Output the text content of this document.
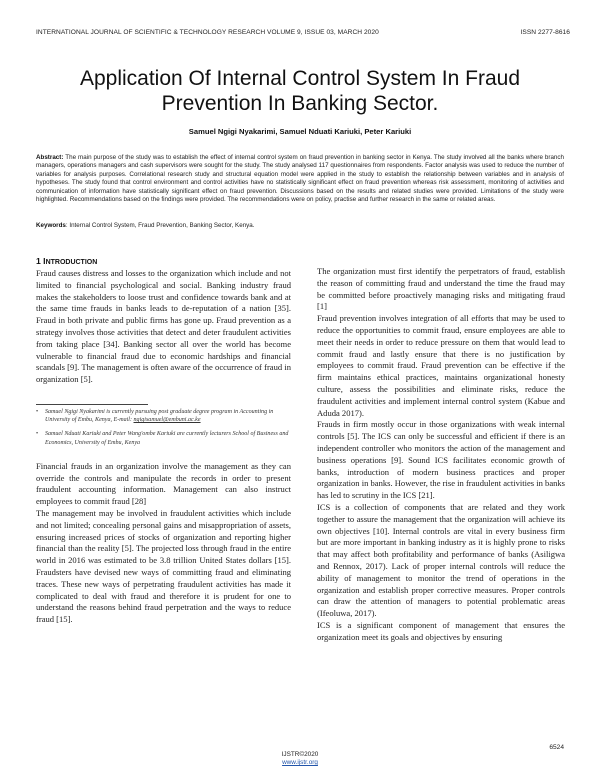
INTERNATIONAL JOURNAL OF SCIENTIFIC & TECHNOLOGY RESEARCH VOLUME 9, ISSUE 03, MARCH 2020	ISSN 2277-8616
Application Of Internal Control System In Fraud
Prevention In Banking Sector.
Samuel Ngigi Nyakarimi, Samuel Nduati Kariuki, Peter Kariuki
Abstract: The main purpose of the study was to establish the effect of internal control system on fraud prevention in banking sector in Kenya. The study involved all the banks where branch managers, operations managers and cash supervisors were sought for the study. The study analysed 117 questionnaires from respondents. Factor analysis was used to reduce the number of variables for analysis purposes. Correlational research study and structural equation model were applied in the study to establish the relationship between variables and in analysis of hypotheses. The study found that control environment and control activities have no statistically significant effect on fraud prevention whereas risk assessment, monitoring of activities and communication of information have statistically significant effect on fraud prevention. Discussions based on the results and related studies were provided. Limitations of the study were highlighted. Recommendations based on the findings were provided. The recommendations were on policy, practise and further research in the same or related areas.
Keywords: Internal Control System, Fraud Prevention, Banking Sector, Kenya.
1 INTRODUCTION

Fraud causes distress and losses to the organization which include and not limited to financial psychological and social. Banking industry fraud makes the stakeholders to loose trust and confidence towards bank and at the same time frauds in banks leads to de-reputation of a nation [35]. Fraud in both private and public firms has gone up. Fraud prevention as a strategy involves those activities that detect and deter fraudulent activities from taking place [34]. Banking sector all over the world has become vulnerable to financial fraud due to economic hardships and financial scandals [9]. The management is often aware of the occurrence of fraud in organization [5].

•	Samuel Ngigi Nyakarimi is currently pursuing post graduate degree program in Accounting in University of Embu, Kenya, E-mail: ngigisamuel@embuni.ac.ke
•	Samuel Nduati Kariuki and Peter Wang'ombe Kariuki are currently lecturers School of Business and Economics, University of Embu, Kenya

Financial frauds in an organization involve the management as they can override the controls and manipulate the records in order to present fraudulent accounting information. Management can also instruct employees to commit fraud [28]

The management may be involved in fraudulent activities which include and not limited; concealing personal gains and misappropriation of assets, ensuring increased prices of stocks of organization and reporting higher financial than the reality [5]. The projected loss through fraud in the entire world in 2016 was estimated to be 3.8 trillion United States dollars [15]. Fraudsters have devised new ways of committing fraud and eliminating traces. These new ways of perpetrating fraudulent activities has made it complicated to deal with fraud and therefore it is prudent for one to understand the reasons behind fraud perpetration and the ways to reduce fraud [15].

The organization must first identify the perpetrators of fraud, establish the reason of committing fraud and understand the time the fraud may be committed before proactively managing risks and mitigating fraud [1]

Fraud prevention involves integration of all efforts that may be used to reduce the opportunities to commit fraud, ensure employees are able to meet their needs in order to reduce pressure on them that would lead to commit fraud and lastly ensure that there is no justification by employees to commit fraud. Fraud prevention can be effective if the firm maintains ethical practices, maintains organizational honesty culture, assess the possibilities and eliminate risks, reduce the fraudulent activities and implement internal control system (Kabue and Aduda 2017).

Frauds in firm mostly occur in those organizations with weak internal controls [5]. The ICS can only be successful and efficient if there is an independent controller who monitors the action of the management and business operations [9]. Sound ICS facilitates economic growth of banks, introduction of modern business practices and proper organization in banks. However, the rise in fraudulent activities in banks has led to scrutiny in the ICS [21].

ICS is a collection of components that are related and they work together to assure the management that the organization will achieve its own objectives [10]. Internal controls are vital in every business firm but are more important in banking industry as it is highly prone to risks that may affect both profitability and performance of banks (Asiligwa and Rennox, 2017). Lack of proper internal controls will reduce the ability of management to monitor the trend of operations in the organization and establish proper corrective measures. Proper controls can draw the attention of managers to potential problematic areas (Ifeoluwa, 2017).

ICS is a significant component of management that ensures the organization meet its goals and objectives by ensuring

6524
IJSTR©2020
www.ijstr.org
